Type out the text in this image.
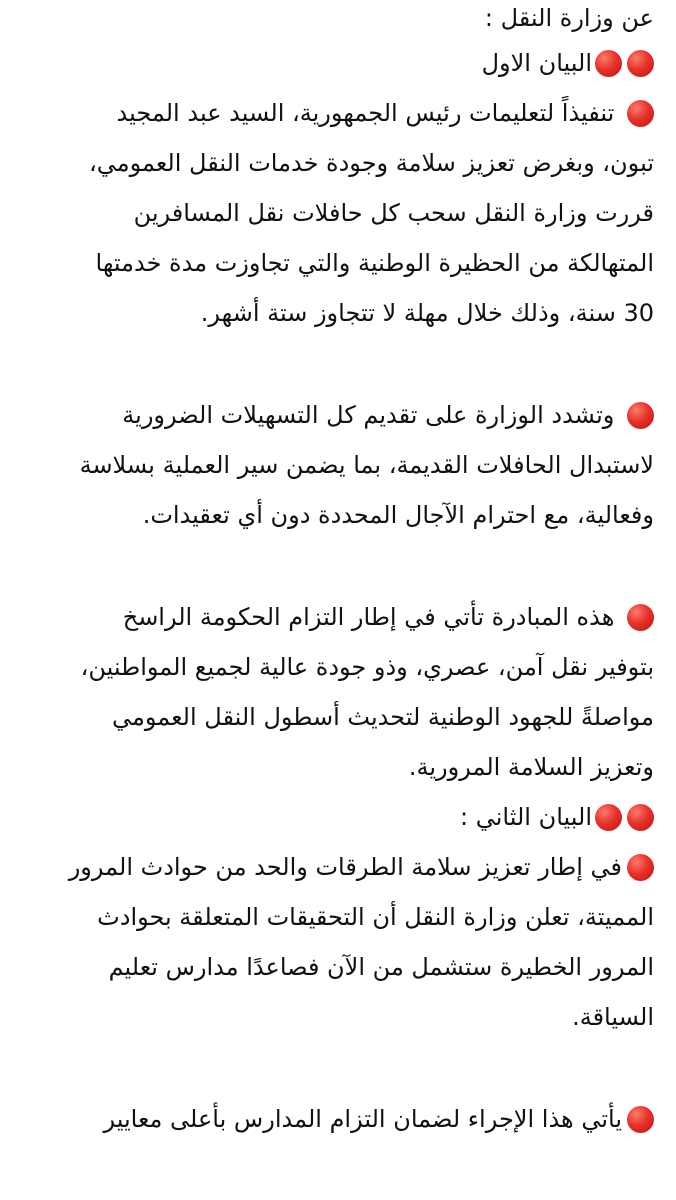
عن وزارة النقل :
البيان الاول
تنفيذاً لتعليمات رئيس الجمهورية، السيد عبد المجيد
تبون، وبغرض تعزيز سلامة وجودة خدمات النقل العمومي،
قررت وزارة النقل سحب كل حافلات نقل المسافرين
المتهالكة من الحظيرة الوطنية والتي تجاوزت مدة خدمتها
30 سنة، وذلك خلال مهلة لا تتجاوز ستة أشهر.
وتشدد الوزارة على تقديم كل التسهيلات الضرورية
لاستبدال الحافلات القديمة، بما يضمن سير العملية بسلاسة
وفعالية، مع احترام الآجال المحددة دون أي تعقيدات.
هذه المبادرة تأتي في إطار التزام الحكومة الراسخ
بتوفير نقل آمن، عصري، وذو جودة عالية لجميع المواطنين،
مواصلةً للجهود الوطنية لتحديث أسطول النقل العمومي
وتعزيز السلامة المرورية.
البيان الثاني :
في إطار تعزيز سلامة الطرقات والحد من حوادث المرور
المميتة، تعلن وزارة النقل أن التحقيقات المتعلقة بحوادث
المرور الخطيرة ستشمل من الآن فصاعدًا مدارس تعليم
السياقة.
يأتي هذا الإجراء لضمان التزام المدارس بأعلى معايير
